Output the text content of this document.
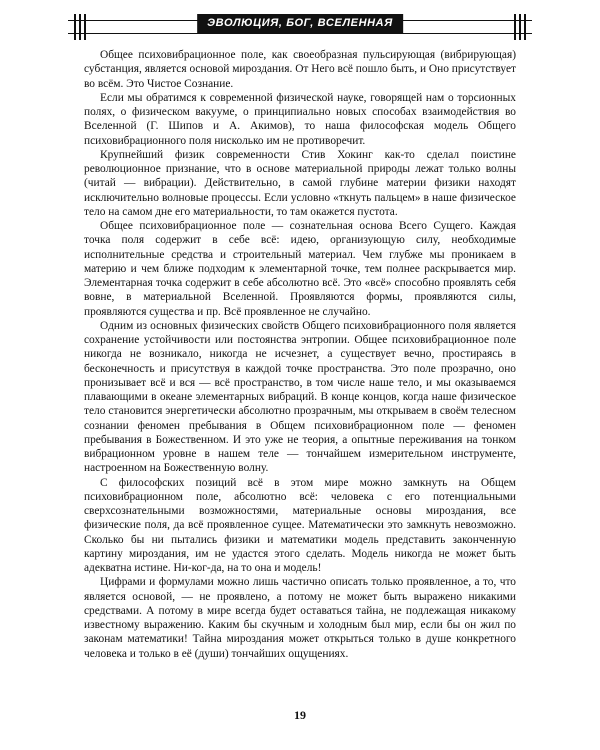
ЭВОЛЮЦИЯ, БОГ, ВСЕЛЕННАЯ

Общее психовибрационное поле, как своеобразная пульсирующая (вибрирующая) субстанция, является основой мироздания. От Него всё пошло быть, и Оно присутствует во всём. Это Чистое Сознание.

Если мы обратимся к современной физической науке, говорящей нам о торсионных полях, о физическом вакууме, о принципиально новых способах взаимодействия во Вселенной (Г. Шипов и А. Акимов), то наша философская модель Общего психовибрационного поля нисколько им не противоречит.

Крупнейший физик современности Стив Хокинг как-то сделал поистине революционное признание, что в основе материальной природы лежат только волны (читай — вибрации). Действительно, в самой глубине материи физики находят исключительно волновые процессы. Если условно «ткнуть пальцем» в наше физическое тело на самом дне его материальности, то там окажется пустота.

Общее психовибрационное поле — сознательная основа Всего Сущего. Каждая точка поля содержит в себе всё: идею, организующую силу, необходимые исполнительные средства и строительный материал. Чем глубже мы проникаем в материю и чем ближе подходим к элементарной точке, тем полнее раскрывается мир. Элементарная точка содержит в себе абсолютно всё. Это «всё» способно проявлять себя вовне, в материальной Вселенной. Проявляются формы, проявляются силы, проявляются существа и пр. Всё проявленное не случайно.

Одним из основных физических свойств Общего психовибрационного поля является сохранение устойчивости или постоянства энтропии. Общее психовибрационное поле никогда не возникало, никогда не исчезнет, а существует вечно, простираясь в бесконечность и присутствуя в каждой точке пространства. Это поле прозрачно, оно пронизывает всё и вся — всё пространство, в том числе наше тело, и мы оказываемся плавающими в океане элементарных вибраций. В конце концов, когда наше физическое тело становится энергетически абсолютно прозрачным, мы открываем в своём телесном сознании феномен пребывания в Общем психовибрационном поле — феномен пребывания в Божественном. И это уже не теория, а опытные переживания на тонком вибрационном уровне в нашем теле — тончайшем измерительном инструменте, настроенном на Божественную волну.

С философских позиций всё в этом мире можно замкнуть на Общем психовибрационном поле, абсолютно всё: человека с его потенциальными сверхсознательными возможностями, материальные основы мироздания, все физические поля, да всё проявленное сущее. Математически это замкнуть невозможно. Сколько бы ни пытались физики и математики модель представить законченную картину мироздания, им не удастся этого сделать. Модель никогда не может быть адекватна истине. Ни-ког-да, на то она и модель!

Цифрами и формулами можно лишь частично описать только проявленное, а то, что является основой, — не проявлено, а потому не может быть выражено никакими средствами. А потому в мире всегда будет оставаться тайна, не подлежащая никакому известному выражению. Каким бы скучным и холодным был мир, если бы он жил по законам математики! Тайна мироздания может открыться только в душе конкретного человека и только в её (души) тончайших ощущениях.

19
